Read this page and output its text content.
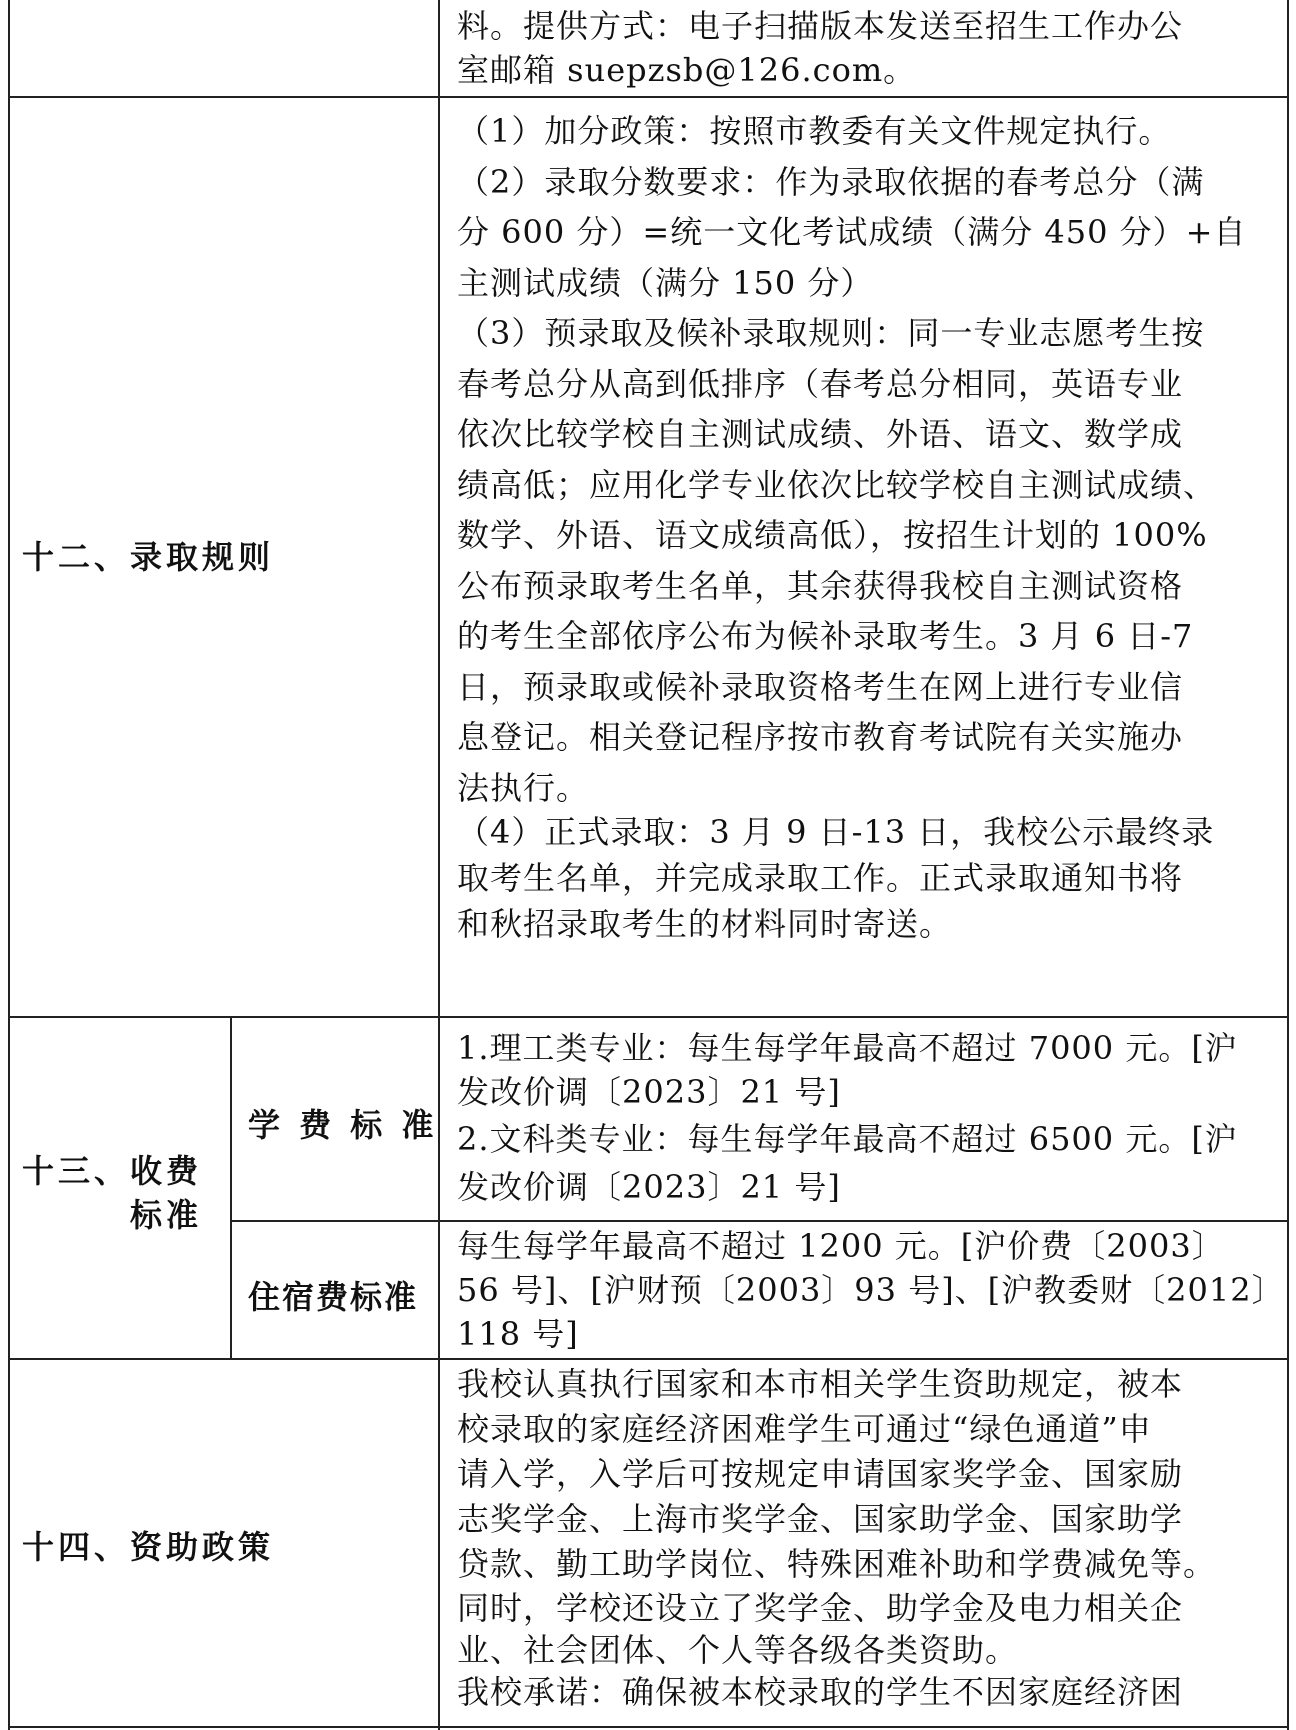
料。提供方式：电子扫描版本发送至招生工作办公
室邮箱 suepzsb@126.com。
十二、录取规则
（1）加分政策：按照市教委有关文件规定执行。
（2）录取分数要求：作为录取依据的春考总分（满
分 600 分）=统一文化考试成绩（满分 450 分）+自
主测试成绩（满分 150 分）
（3）预录取及候补录取规则：同一专业志愿考生按
春考总分从高到低排序（春考总分相同，英语专业
依次比较学校自主测试成绩、外语、语文、数学成
绩高低；应用化学专业依次比较学校自主测试成绩、
数学、外语、语文成绩高低），按招生计划的 100%
公布预录取考生名单，其余获得我校自主测试资格
的考生全部依序公布为候补录取考生。3 月 6 日-7
日，预录取或候补录取资格考生在网上进行专业信
息登记。相关登记程序按市教育考试院有关实施办
法执行。
（4）正式录取：3 月 9 日-13 日，我校公示最终录
取考生名单，并完成录取工作。正式录取通知书将
和秋招录取考生的材料同时寄送。
十三、收费
标准
学 费 标 准
1.理工类专业：每生每学年最高不超过 7000 元。[沪
发改价调〔2023〕21 号]
2.文科类专业：每生每学年最高不超过 6500 元。[沪
发改价调〔2023〕21 号]
住宿费标准
每生每学年最高不超过 1200 元。[沪价费〔2003〕
56 号]、[沪财预〔2003〕93 号]、[沪教委财〔2012〕
118 号]
十四、资助政策
我校认真执行国家和本市相关学生资助规定，被本
校录取的家庭经济困难学生可通过“绿色通道”申
请入学，入学后可按规定申请国家奖学金、国家励
志奖学金、上海市奖学金、国家助学金、国家助学
贷款、勤工助学岗位、特殊困难补助和学费减免等。
同时，学校还设立了奖学金、助学金及电力相关企
业、社会团体、个人等各级各类资助。
我校承诺：确保被本校录取的学生不因家庭经济困
